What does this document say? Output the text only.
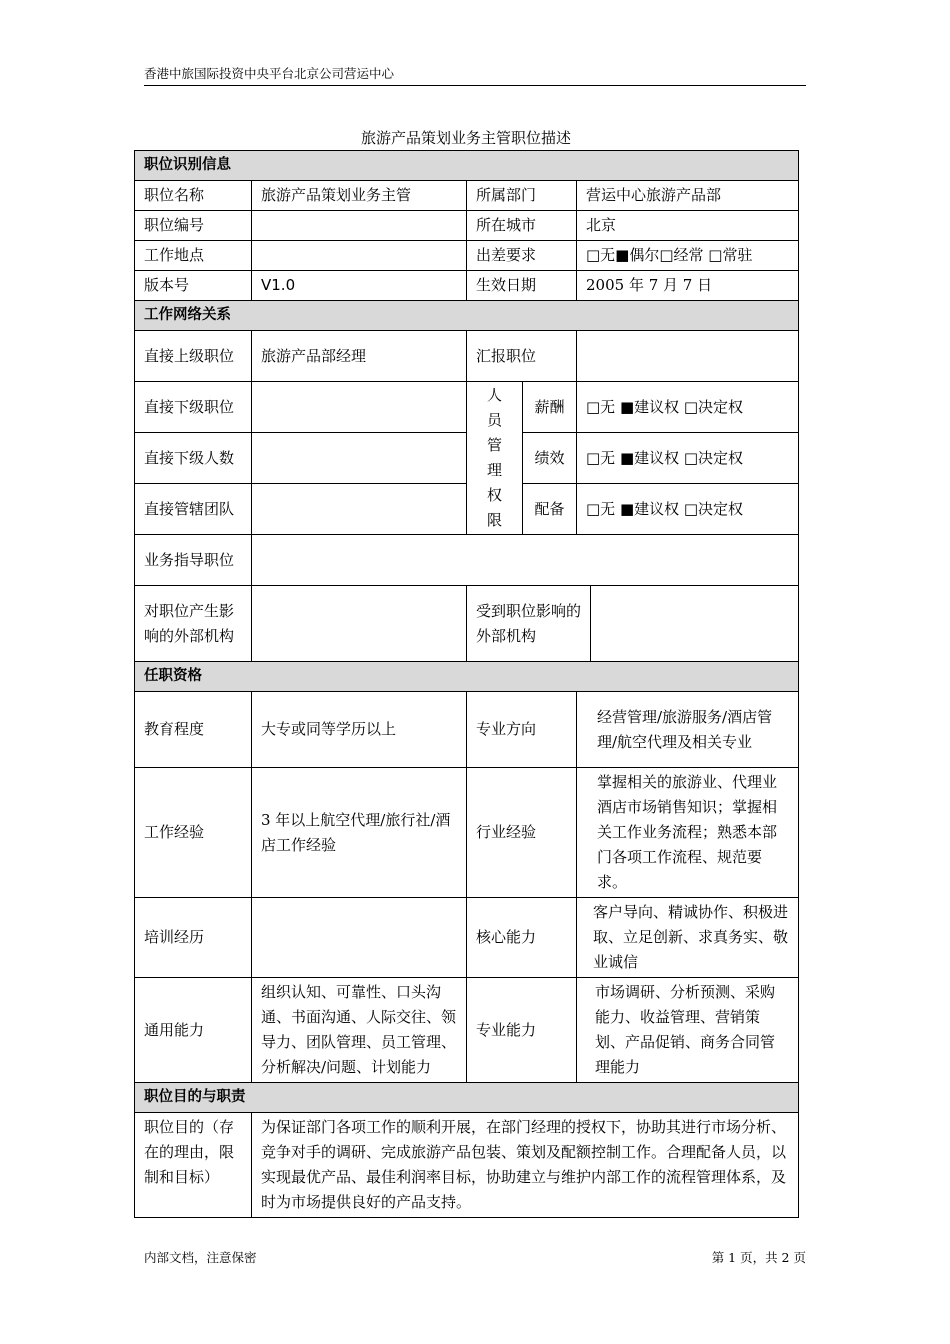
香港中旅国际投资中央平台北京公司营运中心
旅游产品策划业务主管职位描述
职位识别信息					
职位名称	旅游产品策划业务主管	所属部门		营运中心旅游产品部	
职位编号		所在城市		北京	
工作地点		出差要求		□无■偶尔□经常 □常驻	
版本号	V1.0	生效日期		2005 年 7 月 7 日	
工作网络关系					
直接上级职位	旅游产品部经理	汇报职位			
直接下级职位		人员管理权限	薪酬	□无 ■建议权 □决定权	
直接下级人数			绩效	□无 ■建议权 □决定权	
直接管辖团队			配备	□无 ■建议权 □决定权	
业务指导职位					
对职位产生影响的外部机构		受到职位影响的外部机构			
任职资格					
教育程度	大专或同等学历以上	专业方向		经营管理/旅游服务/酒店管理/航空代理及相关专业	
工作经验	3 年以上航空代理/旅行社/酒店工作经验	行业经验		掌握相关的旅游业、代理业酒店市场销售知识；掌握相关工作业务流程；熟悉本部门各项工作流程、规范要求。	
培训经历		核心能力		客户导向、精诚协作、积极进取、立足创新、求真务实、敬业诚信	
通用能力	组织认知、可靠性、口头沟通、书面沟通、人际交往、领导力、团队管理、员工管理、分析解决/问题、计划能力	专业能力		市场调研、分析预测、采购能力、收益管理、营销策划、产品促销、商务合同管理能力	
职位目的与职责					
职位目的（存在的理由，限制和目标）	为保证部门各项工作的顺利开展，在部门经理的授权下，协助其进行市场分析、竞争对手的调研、完成旅游产品包装、策划及配额控制工作。合理配备人员，以实现最优产品、最佳利润率目标，协助建立与维护内部工作的流程管理体系，及时为市场提供良好的产品支持。				
内部文档，注意保密	第 1 页，共 2 页
